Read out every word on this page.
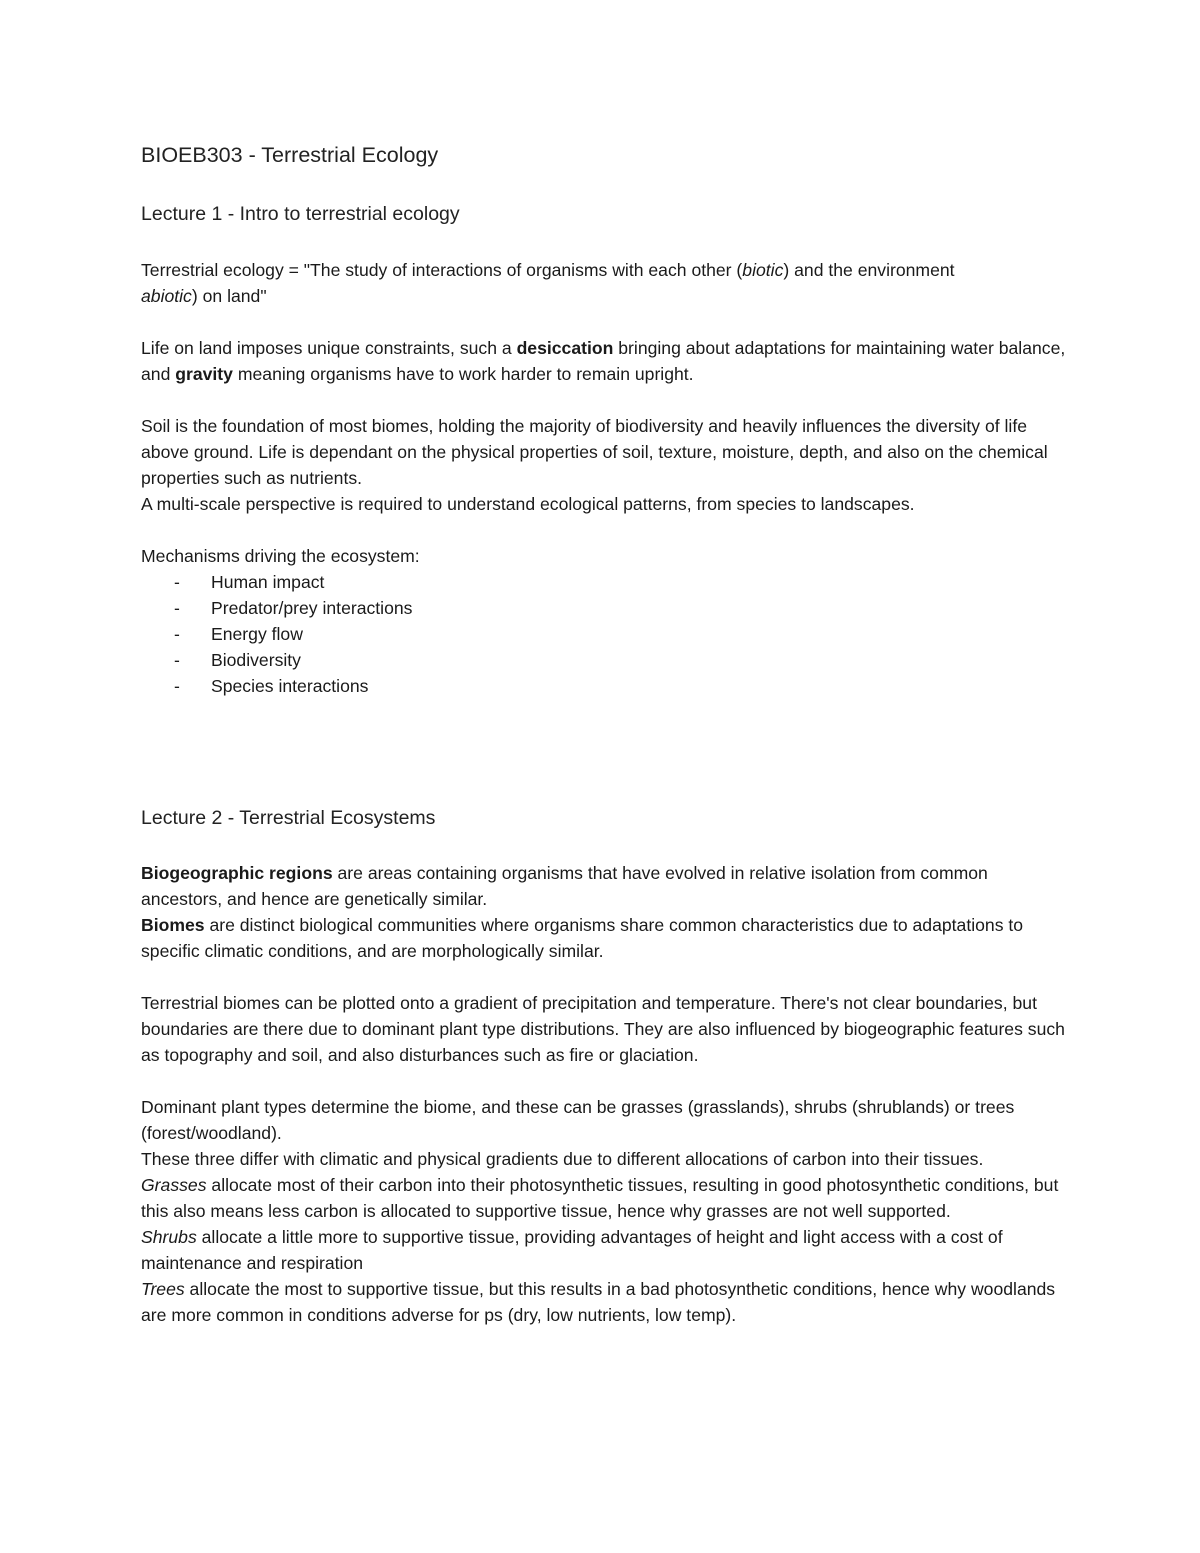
BIOEB303 - Terrestrial Ecology
Lecture 1 - Intro to terrestrial ecology

Terrestrial ecology = "The study of interactions of organisms with each other (biotic) and the environment
abiotic) on land"

Life on land imposes unique constraints, such a desiccation bringing about adaptations for maintaining water balance, and gravity meaning organisms have to work harder to remain upright.

Soil is the foundation of most biomes, holding the majority of biodiversity and heavily influences the diversity of life above ground. Life is dependant on the physical properties of soil, texture, moisture, depth, and also on the chemical properties such as nutrients.

A multi-scale perspective is required to understand ecological patterns, from species to landscapes.

Mechanisms driving the ecosystem:

- Human impact
- Predator/prey interactions
- Energy flow
- Biodiversity
- Species interactions
Lecture 2 - Terrestrial Ecosystems

Biogeographic regions are areas containing organisms that have evolved in relative isolation from common ancestors, and hence are genetically similar.

Biomes are distinct biological communities where organisms share common characteristics due to adaptations to specific climatic conditions, and are morphologically similar.

Terrestrial biomes can be plotted onto a gradient of precipitation and temperature. There's not clear boundaries, but boundaries are there due to dominant plant type distributions. They are also influenced by biogeographic features such as topography and soil, and also disturbances such as fire or glaciation.

Dominant plant types determine the biome, and these can be grasses (grasslands), shrubs (shrublands) or trees (forest/woodland).

These three differ with climatic and physical gradients due to different allocations of carbon into their tissues.

Grasses allocate most of their carbon into their photosynthetic tissues, resulting in good photosynthetic conditions, but this also means less carbon is allocated to supportive tissue, hence why grasses are not well supported.

Shrubs allocate a little more to supportive tissue, providing advantages of height and light access with a cost of maintenance and respiration

Trees allocate the most to supportive tissue, but this results in a bad photosynthetic conditions, hence why woodlands are more common in conditions adverse for ps (dry, low nutrients, low temp).
